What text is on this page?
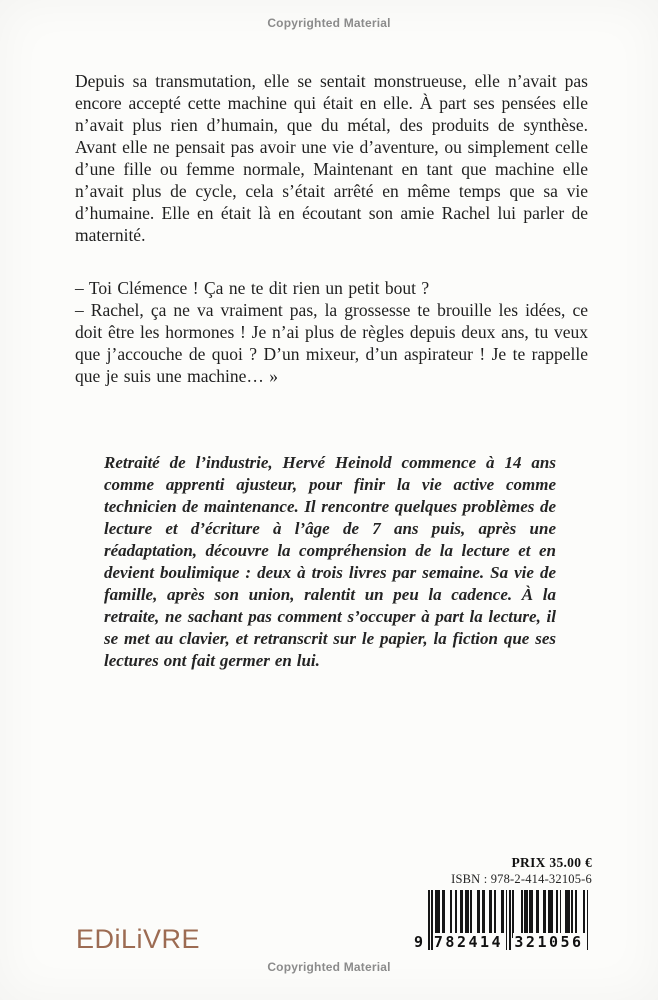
Copyrighted Material

Depuis sa transmutation, elle se sentait monstrueuse, elle n’avait pas encore accepté cette machine qui était en elle. À part ses pensées elle n’avait plus rien d’humain, que du métal, des produits de synthèse. Avant elle ne pensait pas avoir une vie d’aventure, ou simplement celle d’une fille ou femme normale, Maintenant en tant que machine elle n’avait plus de cycle, cela s’était arrêté en même temps que sa vie d’humaine. Elle en était là en écoutant son amie Rachel lui parler de maternité.

– Toi Clémence ! Ça ne te dit rien un petit bout ?

– Rachel, ça ne va vraiment pas, la grossesse te brouille les idées, ce doit être les hormones ! Je n’ai plus de règles depuis deux ans, tu veux que j’accouche de quoi ? D’un mixeur, d’un aspirateur ! Je te rappelle que je suis une machine… »

Retraité de l’industrie, Hervé Heinold commence à 14 ans comme apprenti ajusteur, pour finir la vie active comme technicien de maintenance. Il rencontre quelques problèmes de lecture et d’écriture à l’âge de 7 ans puis, après une réadaptation, découvre la compréhension de la lecture et en devient boulimique : deux à trois livres par semaine. Sa vie de famille, après son union, ralentit un peu la cadence. À la retraite, ne sachant pas comment s’occuper à part la lecture, il se met au clavier, et retranscrit sur le papier, la fiction que ses lectures ont fait germer en lui.
PRIX 35.00 €
ISBN : 978-2-414-32105-6
9 782414 321056
EDiLiVRE
Copyrighted Material
